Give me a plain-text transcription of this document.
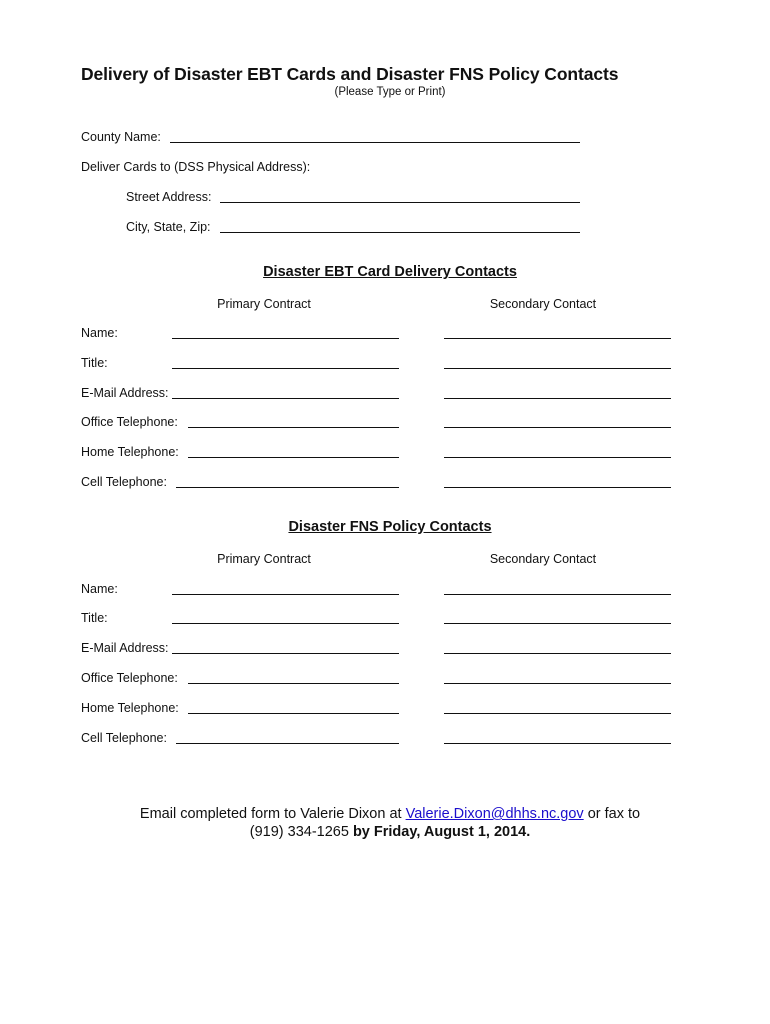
Delivery of Disaster EBT Cards and Disaster FNS Policy Contacts
(Please Type or Print)
County Name:
Deliver Cards to (DSS Physical Address):
Street Address:
City, State, Zip:
Disaster EBT Card Delivery Contacts
Primary Contract	Secondary Contact
Name:
Title:
E-Mail Address:
Office Telephone:
Home Telephone:
Cell Telephone:
Disaster FNS Policy Contacts
Primary Contract	Secondary Contact
Name:
Title:
E-Mail Address:
Office Telephone:
Home Telephone:
Cell Telephone:
Email completed form to Valerie Dixon at Valerie.Dixon@dhhs.nc.gov or fax to
(919) 334-1265 by Friday, August 1, 2014.
